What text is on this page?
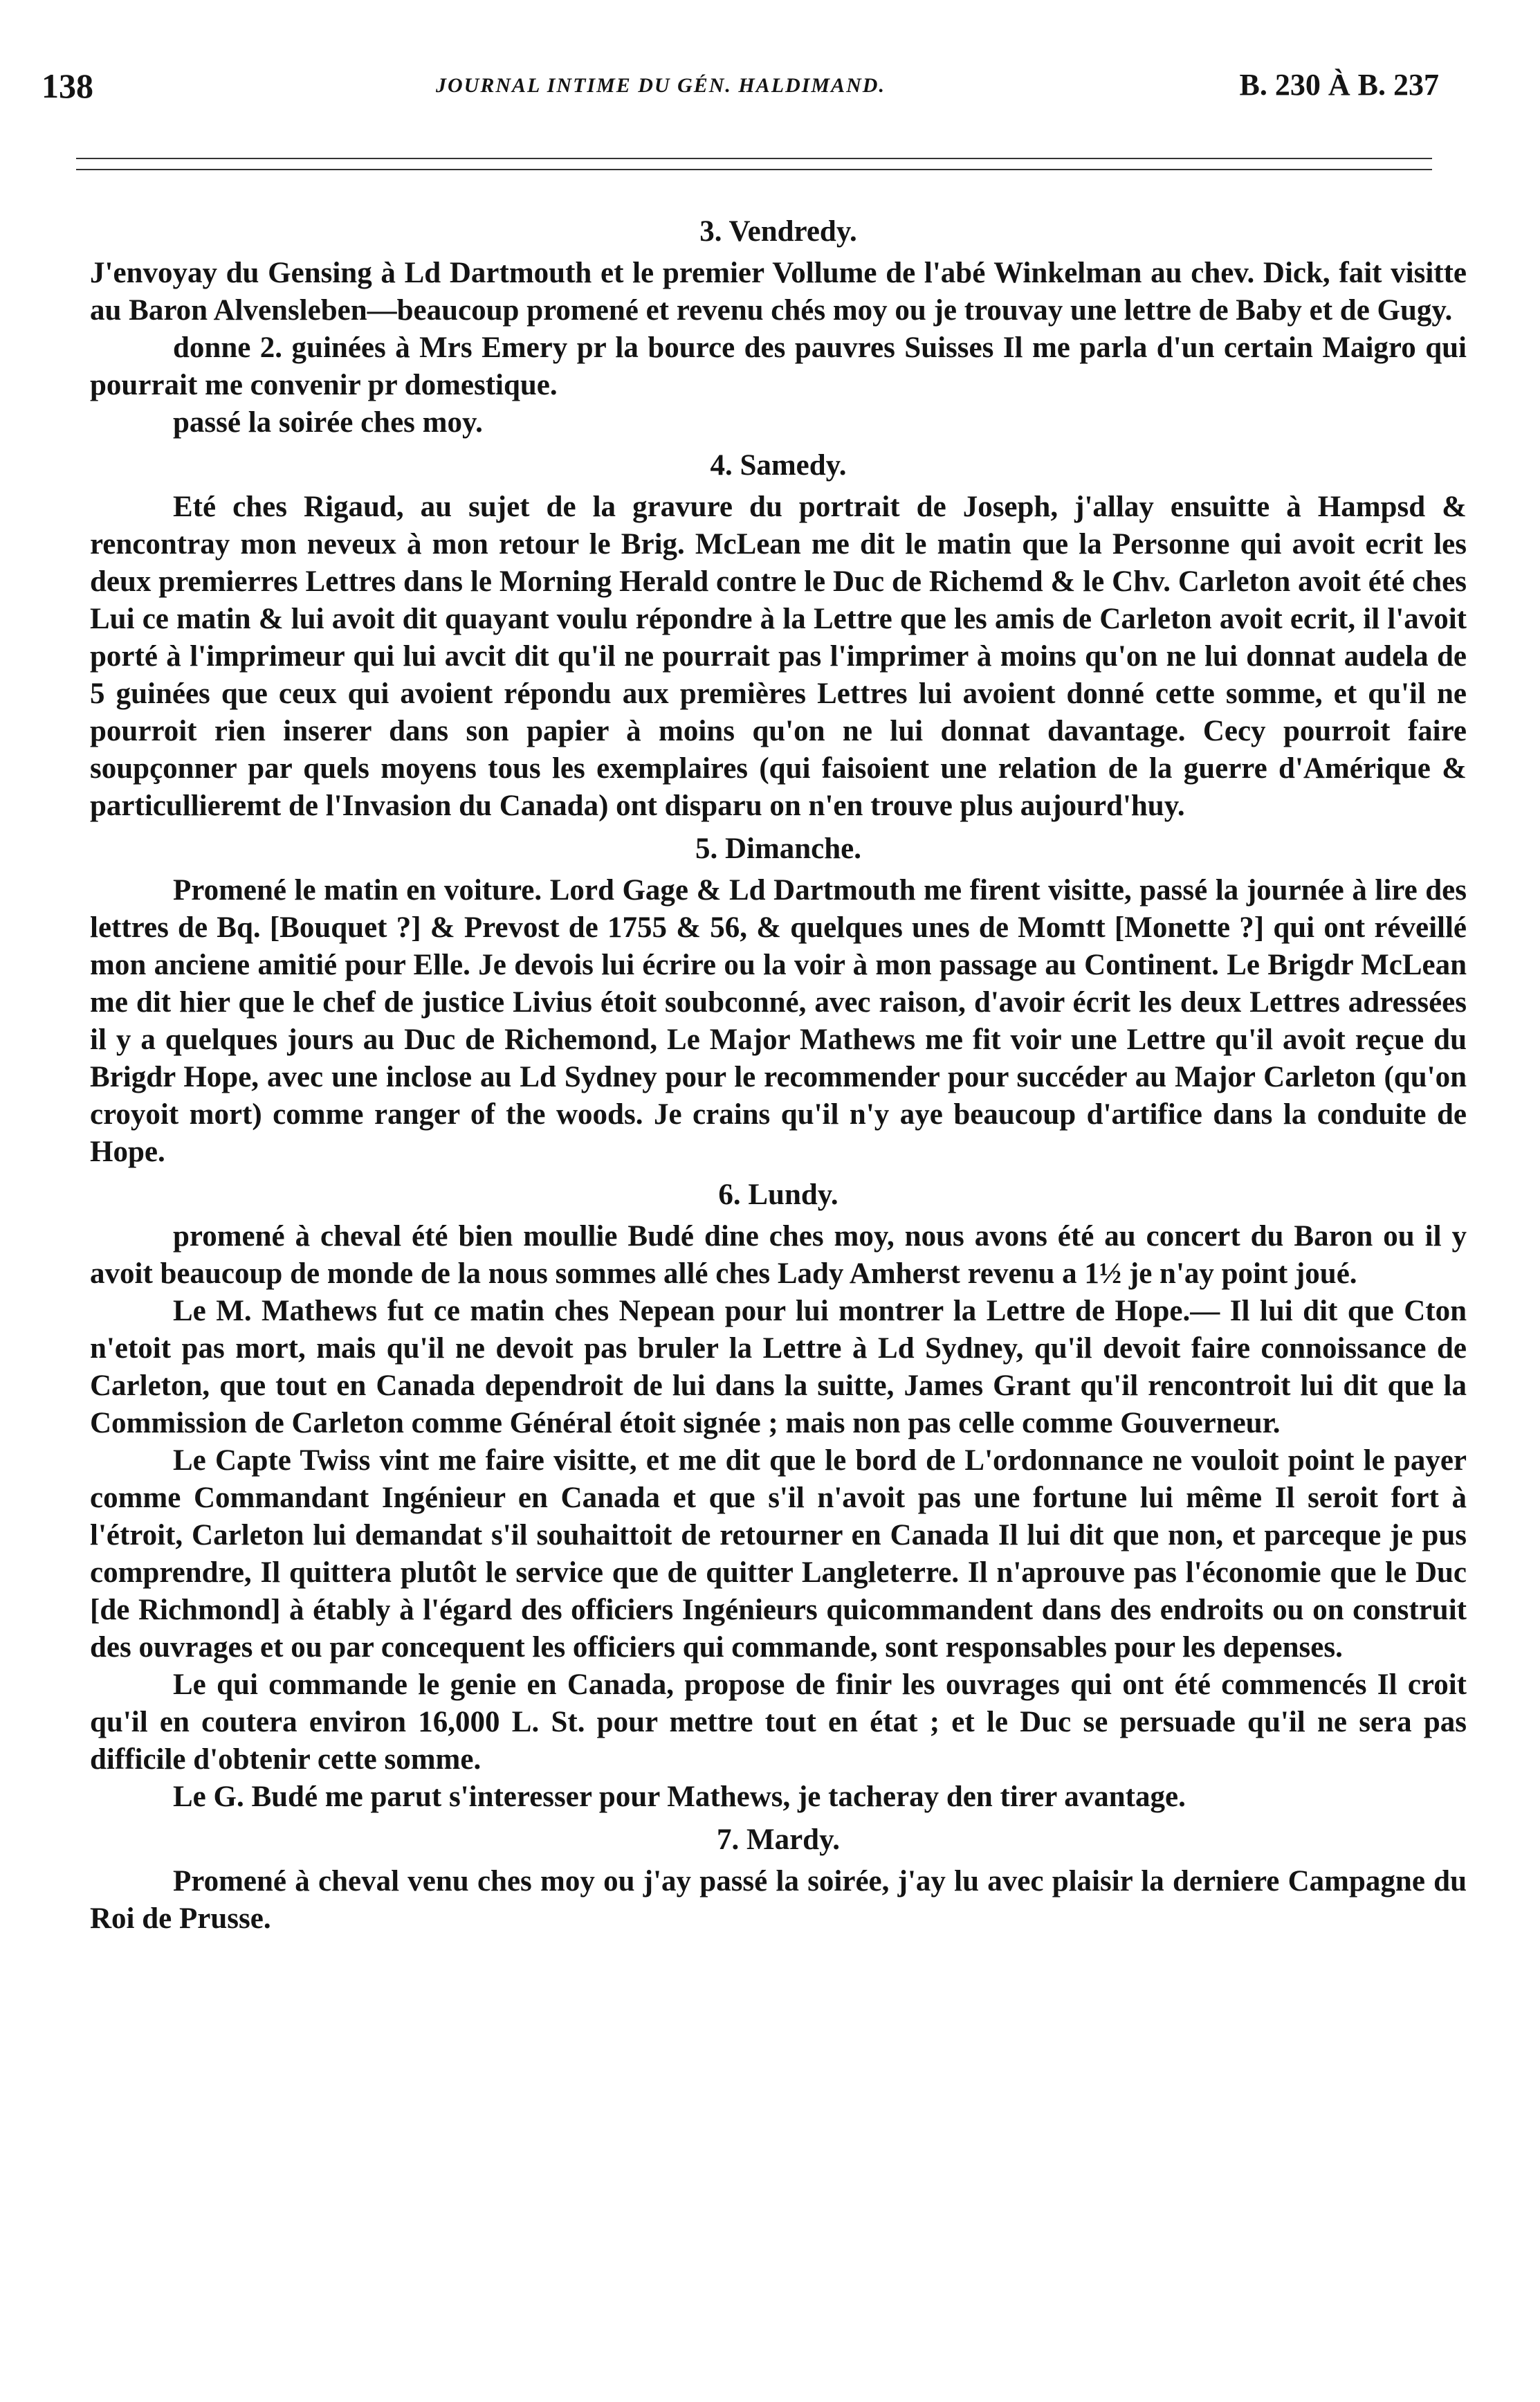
138	JOURNAL INTIME DU GÉN. HALDIMAND.	B. 230 À B. 237
3. Vendredy.

J'envoyay du Gensing à Ld Dartmouth et le premier Vollume de l'abé Winkelman au chev. Dick, fait visitte au Baron Alvensleben—beaucoup promené et revenu chés moy ou je trouvay une lettre de Baby et de Gugy.

donne 2. guinées à Mrs Emery pr la bource des pauvres Suisses Il me parla d'un certain Maigro qui pourrait me convenir pr domestique.

passé la soirée ches moy.

4. Samedy.

Eté ches Rigaud, au sujet de la gravure du portrait de Joseph, j'allay ensuitte à Hampsd & rencontray mon neveux à mon retour le Brig. McLean me dit le matin que la Personne qui avoit ecrit les deux premierres Lettres dans le Morning Herald contre le Duc de Richemd & le Chv. Carleton avoit été ches Lui ce matin & lui avoit dit quayant voulu répondre à la Lettre que les amis de Carleton avoit ecrit, il l'avoit porté à l'imprimeur qui lui avcit dit qu'il ne pourrait pas l'imprimer à moins qu'on ne lui donnat audela de 5 guinées que ceux qui avoient répondu aux premières Lettres lui avoient donné cette somme, et qu'il ne pourroit rien inserer dans son papier à moins qu'on ne lui donnat davantage. Cecy pourroit faire soupçonner par quels moyens tous les exemplaires (qui faisoient une relation de la guerre d'Amérique & particullieremt de l'Invasion du Canada) ont disparu on n'en trouve plus aujourd'huy.

5. Dimanche.

Promené le matin en voiture. Lord Gage & Ld Dartmouth me firent visitte, passé la journée à lire des lettres de Bq. [Bouquet ?] & Prevost de 1755 & 56, & quelques unes de Momtt [Monette ?] qui ont réveillé mon anciene amitié pour Elle. Je devois lui écrire ou la voir à mon passage au Continent. Le Brigdr McLean me dit hier que le chef de justice Livius étoit soubconné, avec raison, d'avoir écrit les deux Lettres adressées il y a quelques jours au Duc de Richemond, Le Major Mathews me fit voir une Lettre qu'il avoit reçue du Brigdr Hope, avec une inclose au Ld Sydney pour le recommender pour succéder au Major Carleton (qu'on croyoit mort) comme ranger of the woods. Je crains qu'il n'y aye beaucoup d'artifice dans la conduite de Hope.

6. Lundy.

promené à cheval été bien moullie Budé dine ches moy, nous avons été au concert du Baron ou il y avoit beaucoup de monde de la nous sommes allé ches Lady Amherst revenu a 1½ je n'ay point joué.

Le M. Mathews fut ce matin ches Nepean pour lui montrer la Lettre de Hope.— Il lui dit que Cton n'etoit pas mort, mais qu'il ne devoit pas bruler la Lettre à Ld Sydney, qu'il devoit faire connoissance de Carleton, que tout en Canada dependroit de lui dans la suitte, James Grant qu'il rencontroit lui dit que la Commission de Carleton comme Général étoit signée ; mais non pas celle comme Gouverneur.

Le Capte Twiss vint me faire visitte, et me dit que le bord de L'ordonnance ne vouloit point le payer comme Commandant Ingénieur en Canada et que s'il n'avoit pas une fortune lui même Il seroit fort à l'étroit, Carleton lui demandat s'il souhaittoit de retourner en Canada Il lui dit que non, et parceque je pus comprendre, Il quittera plutôt le service que de quitter Langleterre. Il n'aprouve pas l'économie que le Duc [de Richmond] à étably à l'égard des officiers Ingénieurs quicommandent dans des endroits ou on construit des ouvrages et ou par concequent les officiers qui commande, sont responsables pour les depenses.

Le qui commande le genie en Canada, propose de finir les ouvrages qui ont été commencés Il croit qu'il en coutera environ 16,000 L. St. pour mettre tout en état ; et le Duc se persuade qu'il ne sera pas difficile d'obtenir cette somme.

Le G. Budé me parut s'interesser pour Mathews, je tacheray den tirer avantage.

7. Mardy.

Promené à cheval venu ches moy ou j'ay passé la soirée, j'ay lu avec plaisir la derniere Campagne du Roi de Prusse.
